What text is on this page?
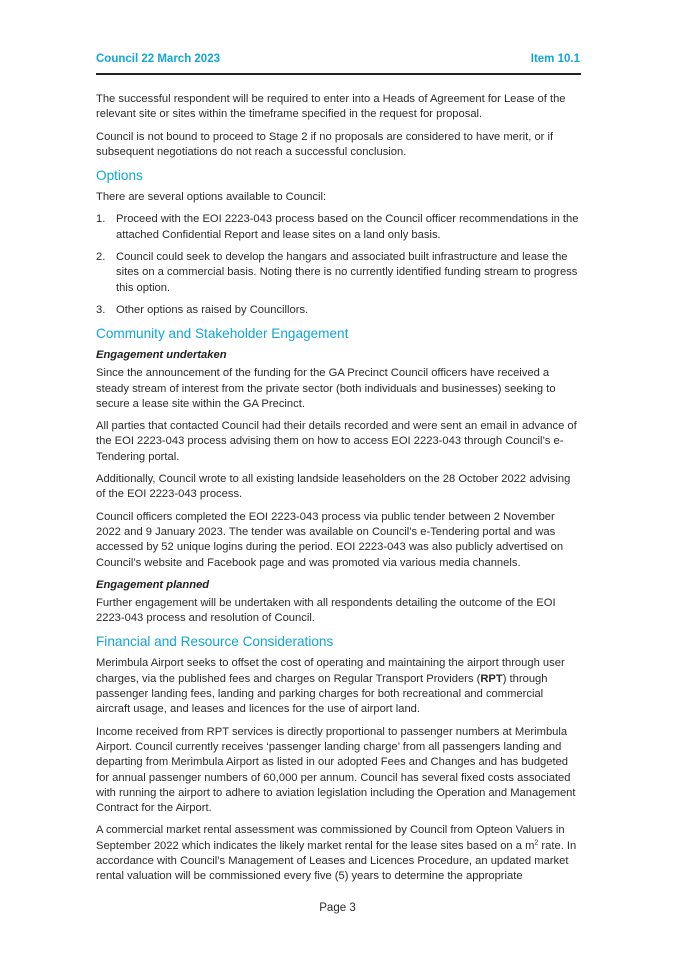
Council 22 March 2023	Item 10.1

The successful respondent will be required to enter into a Heads of Agreement for Lease of the relevant site or sites within the timeframe specified in the request for proposal.

Council is not bound to proceed to Stage 2 if no proposals are considered to have merit, or if subsequent negotiations do not reach a successful conclusion.

Options

There are several options available to Council:

1. Proceed with the EOI 2223-043 process based on the Council officer recommendations in the attached Confidential Report and lease sites on a land only basis.
2. Council could seek to develop the hangars and associated built infrastructure and lease the sites on a commercial basis. Noting there is no currently identified funding stream to progress this option.
3. Other options as raised by Councillors.
Community and Stakeholder Engagement
Engagement undertaken

Since the announcement of the funding for the GA Precinct Council officers have received a steady stream of interest from the private sector (both individuals and businesses) seeking to secure a lease site within the GA Precinct.

All parties that contacted Council had their details recorded and were sent an email in advance of the EOI 2223-043 process advising them on how to access EOI 2223-043 through Council’s e-Tendering portal.

Additionally, Council wrote to all existing landside leaseholders on the 28 October 2022 advising of the EOI 2223-043 process.

Council officers completed the EOI 2223-043 process via public tender between 2 November 2022 and 9 January 2023. The tender was available on Council’s e-Tendering portal and was accessed by 52 unique logins during the period. EOI 2223-043 was also publicly advertised on Council’s website and Facebook page and was promoted via various media channels.

Engagement planned

Further engagement will be undertaken with all respondents detailing the outcome of the EOI 2223-043 process and resolution of Council.

Financial and Resource Considerations

Merimbula Airport seeks to offset the cost of operating and maintaining the airport through user charges, via the published fees and charges on Regular Transport Providers (RPT) through passenger landing fees, landing and parking charges for both recreational and commercial aircraft usage, and leases and licences for the use of airport land.

Income received from RPT services is directly proportional to passenger numbers at Merimbula Airport. Council currently receives ‘passenger landing charge’ from all passengers landing and departing from Merimbula Airport as listed in our adopted Fees and Changes and has budgeted for annual passenger numbers of 60,000 per annum. Council has several fixed costs associated with running the airport to adhere to aviation legislation including the Operation and Management Contract for the Airport.

A commercial market rental assessment was commissioned by Council from Opteon Valuers in September 2022 which indicates the likely market rental for the lease sites based on a $m^2$ rate. In accordance with Council’s Management of Leases and Licences Procedure, an updated market rental valuation will be commissioned every five (5) years to determine the appropriate

Page 3
